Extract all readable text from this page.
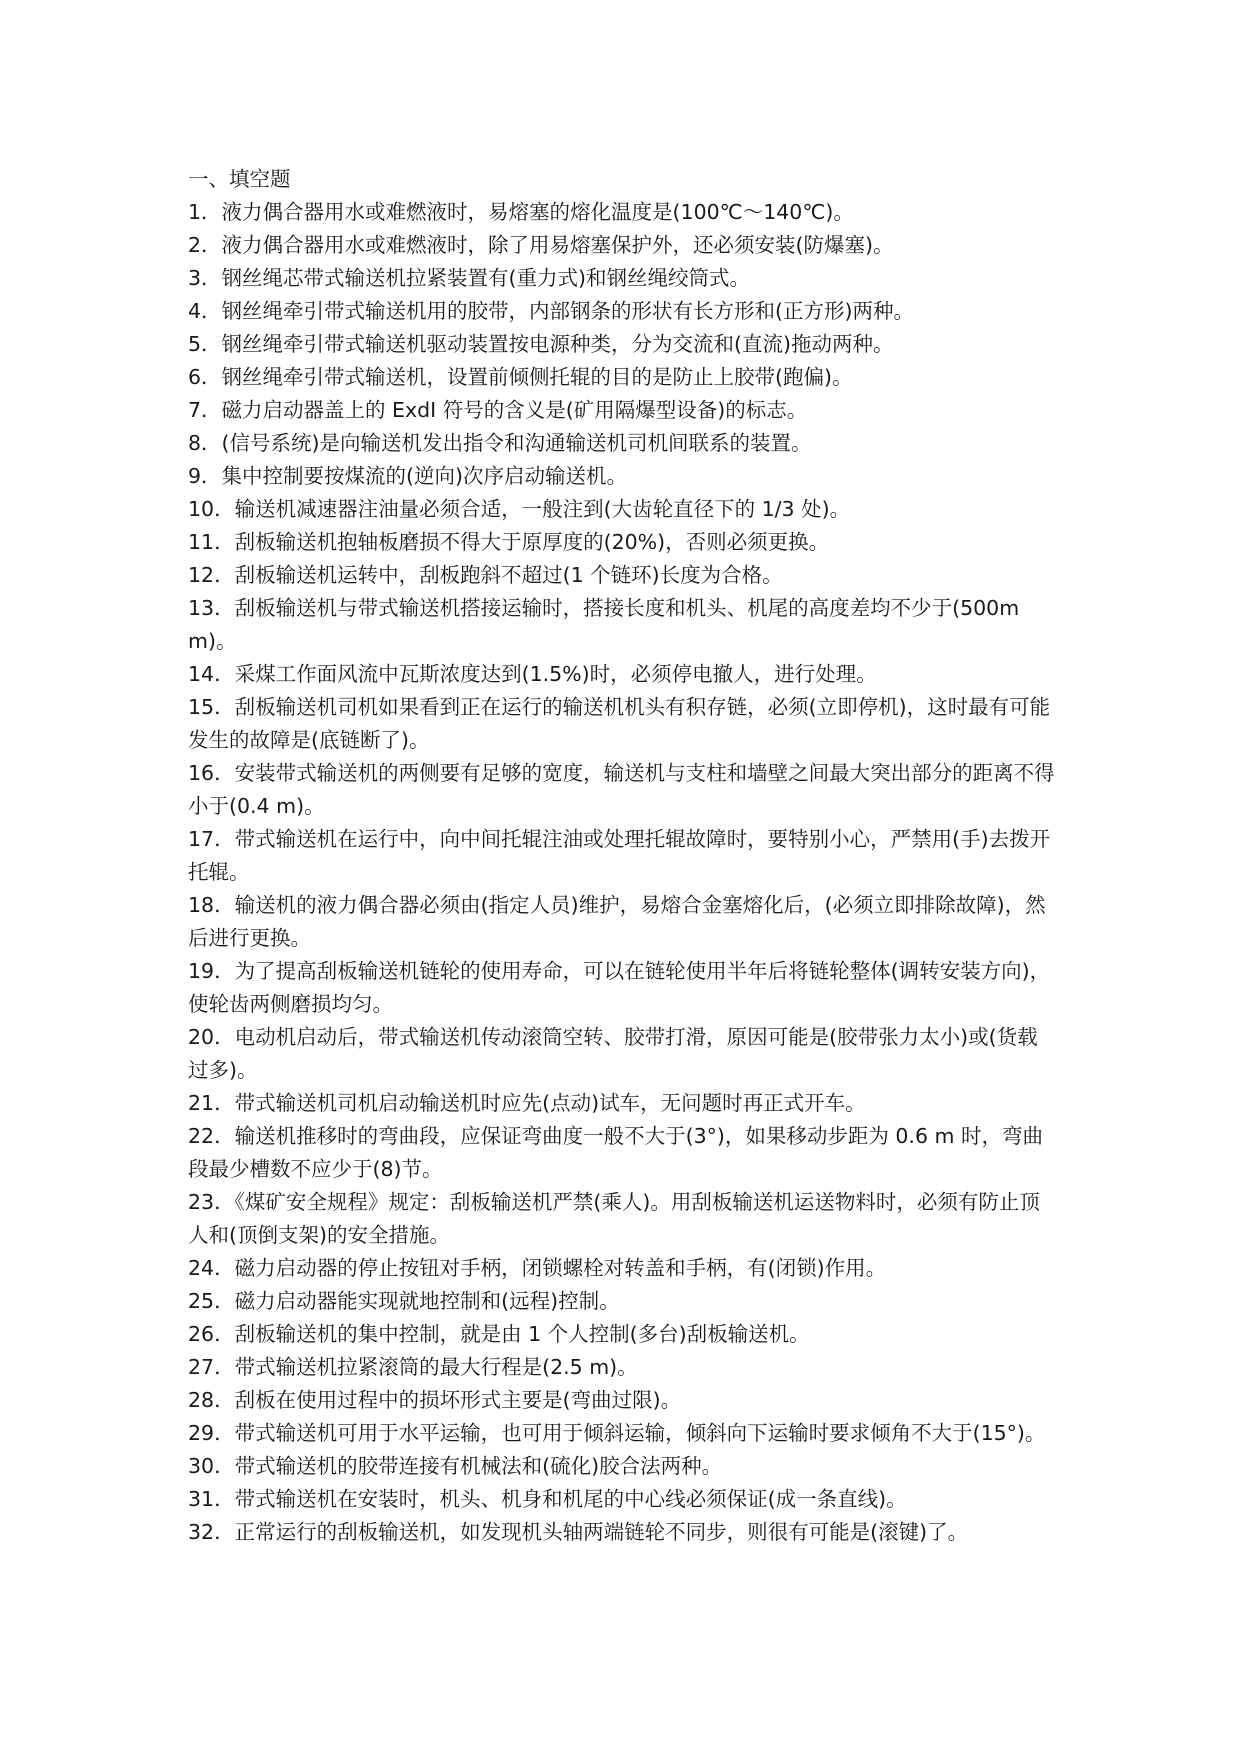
一、填空题

1．液力偶合器用水或难燃液时，易熔塞的熔化温度是(100℃～140℃)。
2．液力偶合器用水或难燃液时，除了用易熔塞保护外，还必须安装(防爆塞)。
3．钢丝绳芯带式输送机拉紧装置有(重力式)和钢丝绳绞筒式。
4．钢丝绳牵引带式输送机用的胶带，内部钢条的形状有长方形和(正方形)两种。
5．钢丝绳牵引带式输送机驱动装置按电源种类，分为交流和(直流)拖动两种。
6．钢丝绳牵引带式输送机，设置前倾侧托辊的目的是防止上胶带(跑偏)。
7．磁力启动器盖上的 ExdI 符号的含义是(矿用隔爆型设备)的标志。
8．(信号系统)是向输送机发出指令和沟通输送机司机间联系的装置。
9．集中控制要按煤流的(逆向)次序启动输送机。
10．输送机减速器注油量必须合适，一般注到(大齿轮直径下的 1/3 处)。
11．刮板输送机抱轴板磨损不得大于原厚度的(20%)，否则必须更换。
12．刮板输送机运转中，刮板跑斜不超过(1 个链环)长度为合格。
13．刮板输送机与带式输送机搭接运输时，搭接长度和机头、机尾的高度差均不少于(500mm)。
14．采煤工作面风流中瓦斯浓度达到(1.5%)时，必须停电撤人，进行处理。
15．刮板输送机司机如果看到正在运行的输送机机头有积存链，必须(立即停机)，这时最有可能发生的故障是(底链断了)。
16．安装带式输送机的两侧要有足够的宽度，输送机与支柱和墙壁之间最大突出部分的距离不得小于(0.4 m)。
17．带式输送机在运行中，向中间托辊注油或处理托辊故障时，要特别小心，严禁用(手)去拨开托辊。
18．输送机的液力偶合器必须由(指定人员)维护，易熔合金塞熔化后，(必须立即排除故障)，然后进行更换。
19．为了提高刮板输送机链轮的使用寿命，可以在链轮使用半年后将链轮整体(调转安装方向)，使轮齿两侧磨损均匀。
20．电动机启动后，带式输送机传动滚筒空转、胶带打滑，原因可能是(胶带张力太小)或(货载过多)。
21．带式输送机司机启动输送机时应先(点动)试车，无问题时再正式开车。
22．输送机推移时的弯曲段，应保证弯曲度一般不大于(3°)，如果移动步距为 0.6 m 时，弯曲段最少槽数不应少于(8)节。
23．《煤矿安全规程》规定：刮板输送机严禁(乘人)。用刮板输送机运送物料时，必须有防止顶人和(顶倒支架)的安全措施。
24．磁力启动器的停止按钮对手柄，闭锁螺栓对转盖和手柄，有(闭锁)作用。
25．磁力启动器能实现就地控制和(远程)控制。
26．刮板输送机的集中控制，就是由 1 个人控制(多台)刮板输送机。
27．带式输送机拉紧滚筒的最大行程是(2.5 m)。
28．刮板在使用过程中的损坏形式主要是(弯曲过限)。
29．带式输送机可用于水平运输，也可用于倾斜运输，倾斜向下运输时要求倾角不大于(15°)。
30．带式输送机的胶带连接有机械法和(硫化)胶合法两种。
31．带式输送机在安装时，机头、机身和机尾的中心线必须保证(成一条直线)。
32．正常运行的刮板输送机，如发现机头轴两端链轮不同步，则很有可能是(滚键)了。
